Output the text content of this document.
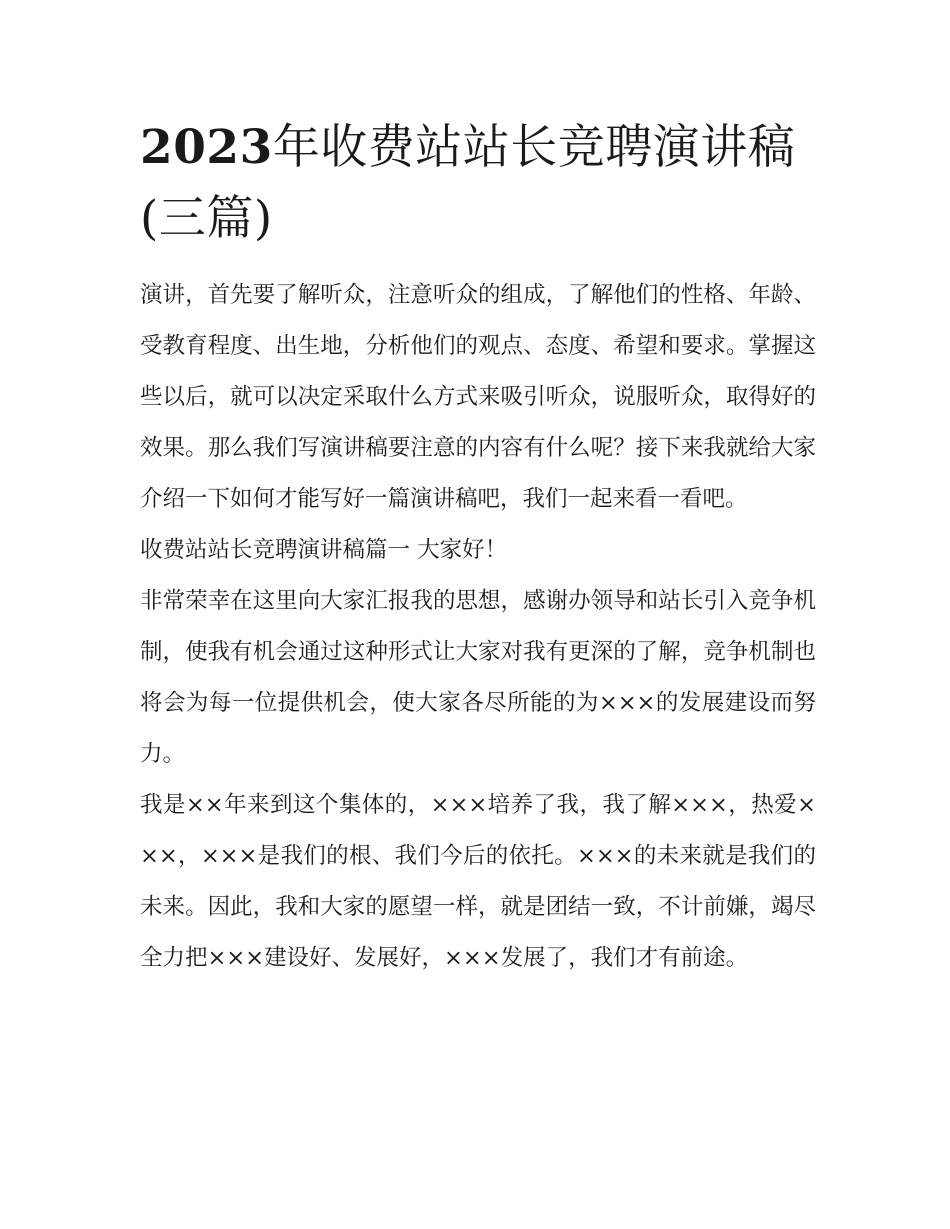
2023年收费站站长竞聘演讲稿(三篇)

演讲，首先要了解听众，注意听众的组成，了解他们的性格、年龄、受教育程度、出生地，分析他们的观点、态度、希望和要求。掌握这些以后，就可以决定采取什么方式来吸引听众，说服听众，取得好的效果。那么我们写演讲稿要注意的内容有什么呢？接下来我就给大家介绍一下如何才能写好一篇演讲稿吧，我们一起来看一看吧。

收费站站长竞聘演讲稿篇一 大家好！

非常荣幸在这里向大家汇报我的思想，感谢办领导和站长引入竞争机制，使我有机会通过这种形式让大家对我有更深的了解，竞争机制也将会为每一位提供机会，使大家各尽所能的为×××的发展建设而努力。

我是××年来到这个集体的，×××培养了我，我了解×××，热爱×××，×××是我们的根、我们今后的依托。×××的未来就是我们的未来。因此，我和大家的愿望一样，就是团结一致，不计前嫌，竭尽全力把×××建设好、发展好，×××发展了，我们才有前途。
